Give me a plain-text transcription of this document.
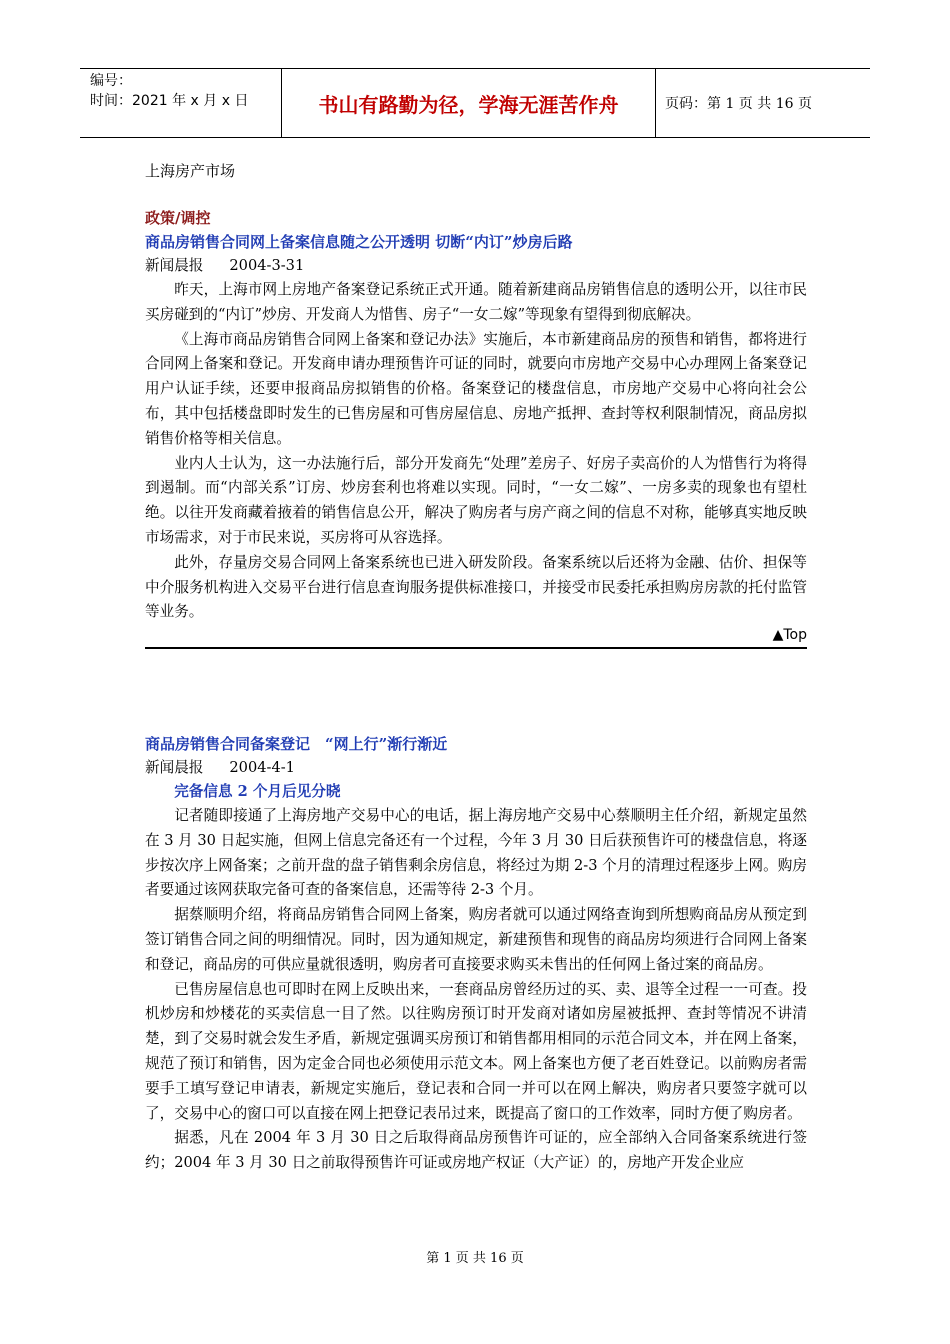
编号：
时间：2021 年 x 月 x 日	书山有路勤为径，学海无涯苦作舟	页码：第 1 页 共 16 页
上海房产市场
政策/调控
商品房销售合同网上备案信息随之公开透明 切断“内订”炒房后路
新闻晨报 2004-3-31

昨天，上海市网上房地产备案登记系统正式开通。随着新建商品房销售信息的透明公开，以往市民买房碰到的“内订”炒房、开发商人为惜售、房子“一女二嫁”等现象有望得到彻底解决。

《上海市商品房销售合同网上备案和登记办法》实施后，本市新建商品房的预售和销售，都将进行合同网上备案和登记。开发商申请办理预售许可证的同时，就要向市房地产交易中心办理网上备案登记用户认证手续，还要申报商品房拟销售的价格。备案登记的楼盘信息，市房地产交易中心将向社会公布，其中包括楼盘即时发生的已售房屋和可售房屋信息、房地产抵押、查封等权利限制情况，商品房拟销售价格等相关信息。

业内人士认为，这一办法施行后，部分开发商先“处理”差房子、好房子卖高价的人为惜售行为将得到遏制。而“内部关系”订房、炒房套利也将难以实现。同时，“一女二嫁”、一房多卖的现象也有望杜绝。以往开发商藏着掖着的销售信息公开，解决了购房者与房产商之间的信息不对称，能够真实地反映市场需求，对于市民来说，买房将可从容选择。

此外，存量房交易合同网上备案系统也已进入研发阶段。备案系统以后还将为金融、估价、担保等中介服务机构进入交易平台进行信息查询服务提供标准接口，并接受市民委托承担购房房款的托付监管等业务。

▲Top
商品房销售合同备案登记　“网上行”渐行渐近
新闻晨报 2004-4-1
完备信息 2 个月后见分晓

记者随即接通了上海房地产交易中心的电话，据上海房地产交易中心蔡顺明主任介绍，新规定虽然在 3 月 30 日起实施，但网上信息完备还有一个过程，今年 3 月 30 日后获预售许可的楼盘信息，将逐步按次序上网备案；之前开盘的盘子销售剩余房信息，将经过为期 2-3 个月的清理过程逐步上网。购房者要通过该网获取完备可查的备案信息，还需等待 2-3 个月。

据蔡顺明介绍，将商品房销售合同网上备案，购房者就可以通过网络查询到所想购商品房从预定到签订销售合同之间的明细情况。同时，因为通知规定，新建预售和现售的商品房均须进行合同网上备案和登记，商品房的可供应量就很透明，购房者可直接要求购买未售出的任何网上备过案的商品房。

已售房屋信息也可即时在网上反映出来，一套商品房曾经历过的买、卖、退等全过程一一可查。投机炒房和炒楼花的买卖信息一目了然。以往购房预订时开发商对诸如房屋被抵押、查封等情况不讲清楚，到了交易时就会发生矛盾，新规定强调买房预订和销售都用相同的示范合同文本，并在网上备案，规范了预订和销售，因为定金合同也必须使用示范文本。网上备案也方便了老百姓登记。以前购房者需要手工填写登记申请表，新规定实施后，登记表和合同一并可以在网上解决，购房者只要签字就可以了，交易中心的窗口可以直接在网上把登记表吊过来，既提高了窗口的工作效率，同时方便了购房者。

据悉，凡在 2004 年 3 月 30 日之后取得商品房预售许可证的，应全部纳入合同备案系统进行签约；2004 年 3 月 30 日之前取得预售许可证或房地产权证（大产证）的，房地产开发企业应

第 1 页 共 16 页
